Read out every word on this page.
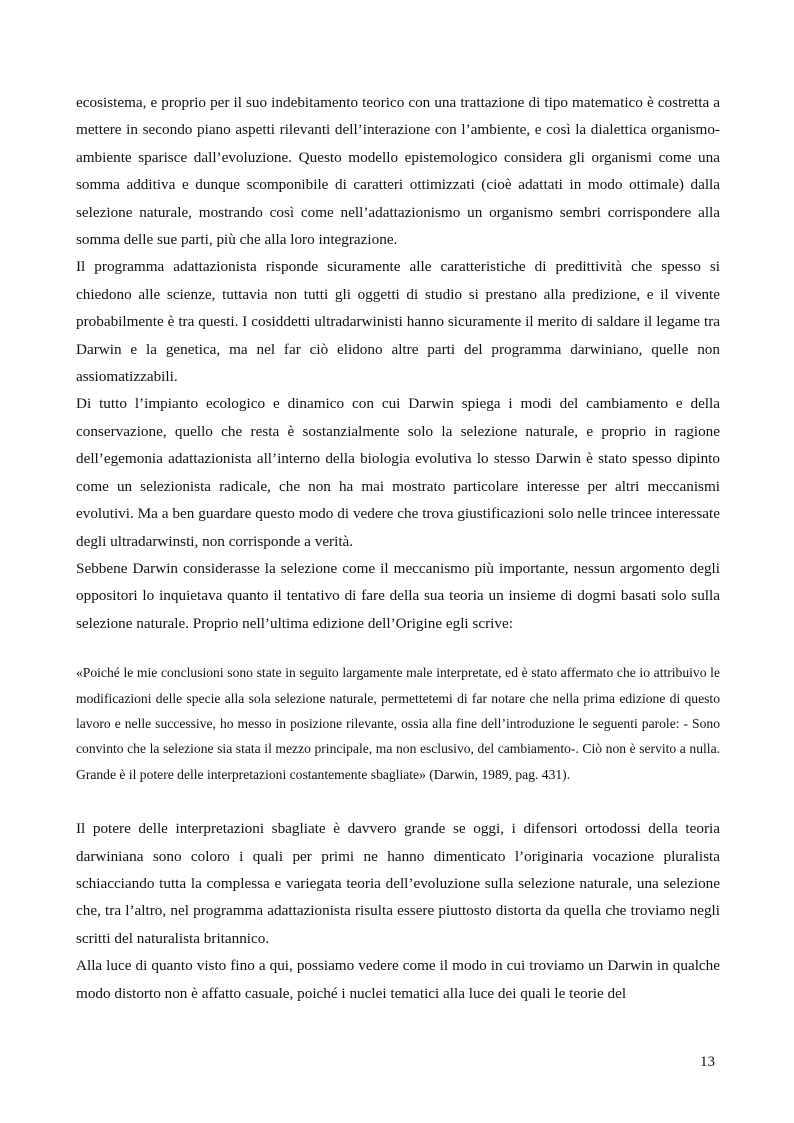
ecosistema, e proprio per il suo indebitamento teorico con una trattazione di tipo matematico è costretta a mettere in secondo piano aspetti rilevanti dell’interazione con l’ambiente, e così la dialettica organismo-ambiente sparisce dall’evoluzione. Questo modello epistemologico considera gli organismi come una somma additiva e dunque scomponibile di caratteri ottimizzati (cioè adattati in modo ottimale) dalla selezione naturale, mostrando così come nell’adattazionismo un organismo sembri corrispondere alla somma delle sue parti, più che alla loro integrazione.

Il programma adattazionista risponde sicuramente alle caratteristiche di predittività che spesso si chiedono alle scienze, tuttavia non tutti gli oggetti di studio si prestano alla predizione, e il vivente probabilmente è tra questi. I cosiddetti ultradarwinisti hanno sicuramente il merito di saldare il legame tra Darwin e la genetica, ma nel far ciò elidono altre parti del programma darwiniano, quelle non assiomatizzabili.

Di tutto l’impianto ecologico e dinamico con cui Darwin spiega i modi del cambiamento e della conservazione, quello che resta è sostanzialmente solo la selezione naturale, e proprio in ragione dell’egemonia adattazionista all’interno della biologia evolutiva lo stesso Darwin è stato spesso dipinto come un selezionista radicale, che non ha mai mostrato particolare interesse per altri meccanismi evolutivi. Ma a ben guardare questo modo di vedere che trova giustificazioni solo nelle trincee interessate degli ultradarwinsti, non corrisponde a verità.

Sebbene Darwin considerasse la selezione come il meccanismo più importante, nessun argomento degli oppositori lo inquietava quanto il tentativo di fare della sua teoria un insieme di dogmi basati solo sulla selezione naturale. Proprio nell’ultima edizione dell’Origine egli scrive:

«Poiché le mie conclusioni sono state in seguito largamente male interpretate, ed è stato affermato che io attribuivo le modificazioni delle specie alla sola selezione naturale, permettetemi di far notare che nella prima edizione di questo lavoro e nelle successive, ho messo in posizione rilevante, ossia alla fine dell’introduzione le seguenti parole: - Sono convinto che la selezione sia stata il mezzo principale, ma non esclusivo, del cambiamento-. Ciò non è servito a nulla. Grande è il potere delle interpretazioni costantemente sbagliate» (Darwin, 1989, pag. 431).

Il potere delle interpretazioni sbagliate è davvero grande se oggi, i difensori ortodossi della teoria darwiniana sono coloro i quali per primi ne hanno dimenticato l’originaria vocazione pluralista schiacciando tutta la complessa e variegata teoria dell’evoluzione sulla selezione naturale, una selezione che, tra l’altro, nel programma adattazionista risulta essere piuttosto distorta da quella che troviamo negli scritti del naturalista britannico.

Alla luce di quanto visto fino a qui, possiamo vedere come il modo in cui troviamo un Darwin in qualche modo distorto non è affatto casuale, poiché i nuclei tematici alla luce dei quali le teorie del

13
